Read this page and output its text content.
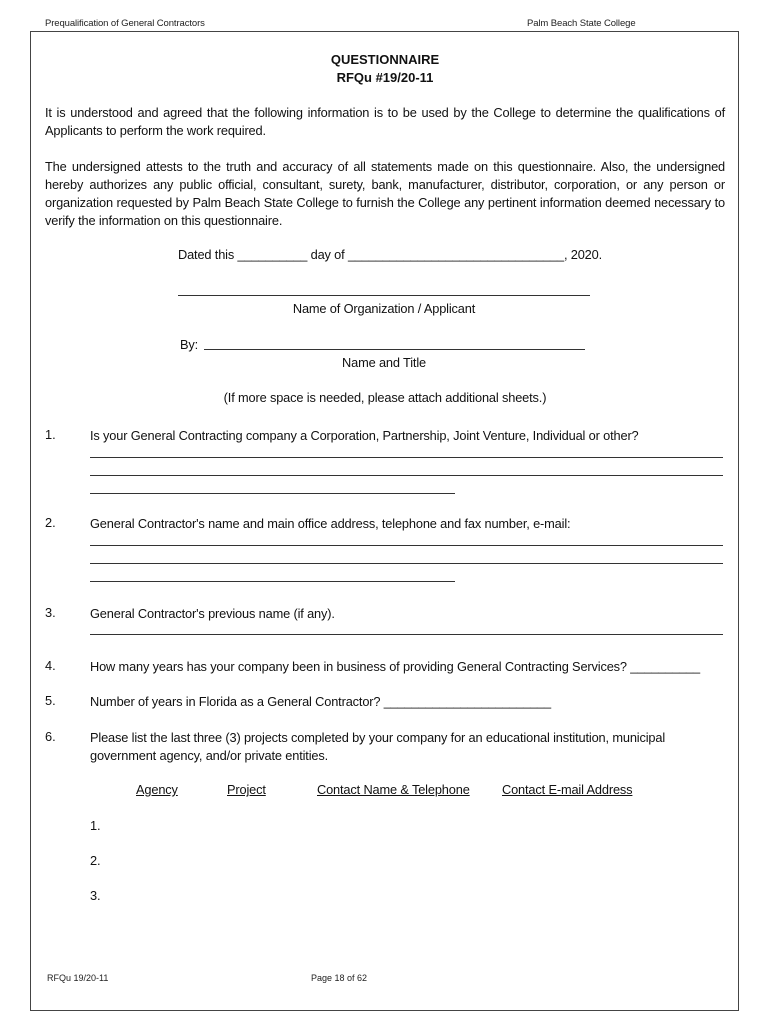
Prequalification of General Contractors	Palm Beach State College
QUESTIONNAIRE
RFQu #19/20-11
It is understood and agreed that the following information is to be used by the College to determine the qualifications of Applicants to perform the work required.
The undersigned attests to the truth and accuracy of all statements made on this questionnaire. Also, the undersigned hereby authorizes any public official, consultant, surety, bank, manufacturer, distributor, corporation, or any person or organization requested by Palm Beach State College to furnish the College any pertinent information deemed necessary to verify the information on this questionnaire.
Dated this __________ day of _______________________________, 2020.
Name of Organization / Applicant
By:
Name and Title
(If more space is needed, please attach additional sheets.)
1.	Is your General Contracting company a Corporation, Partnership, Joint Venture, Individual or other?
2.	General Contractor's name and main office address, telephone and fax number, e-mail:
3.	General Contractor's previous name (if any).
4.	How many years has your company been in business of providing General Contracting Services? __________
5.	Number of years in Florida as a General Contractor? ________________________
6.	Please list the last three (3) projects completed by your company for an educational institution, municipal government agency, and/or private entities.
Agency	Project	Contact Name & Telephone	Contact E-mail Address
1.
2.
3.
RFQu 19/20-11	Page 18 of 62
